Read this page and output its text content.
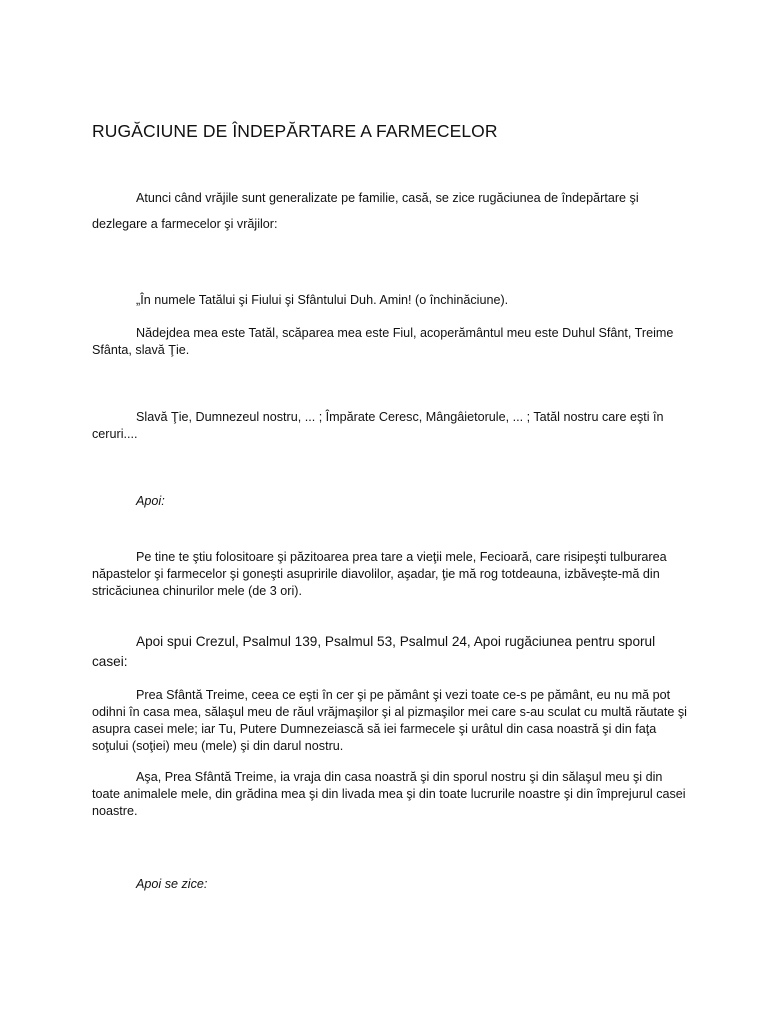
RUGĂCIUNE DE ÎNDEPĂRTARE A FARMECELOR

Atunci când vrăjile sunt generalizate pe familie, casă, se zice rugăciunea de îndepărtare şi dezlegare a farmecelor şi vrăjilor:

„În numele Tatălui şi Fiului şi Sfântului Duh. Amin! (o închinăciune).

Nădejdea mea este Tatăl, scăparea mea este Fiul, acoperământul meu este Duhul Sfânt, Treime Sfânta, slavă Ţie.

Slavă Ţie, Dumnezeul nostru, ... ; Împărate Ceresc, Mângâietorule, ... ; Tatăl nostru care eşti în ceruri....

Apoi:

Pe tine te ştiu folositoare şi păzitoarea prea tare a vieţii mele, Fecioară, care risipeşti tulburarea năpastelor şi farmecelor şi goneşti asupririle diavolilor, aşadar, ţie mă rog totdeauna, izbăveşte-mă din stricăciunea chinurilor mele (de 3 ori).

Apoi spui Crezul, Psalmul 139, Psalmul 53, Psalmul 24, Apoi rugăciunea pentru sporul casei:

Prea Sfântă Treime, ceea ce eşti în cer şi pe pământ şi vezi toate ce-s pe pământ, eu nu mă pot odihni în casa mea, sălaşul meu de răul vrăjmaşilor şi al pizmaşilor mei care s-au sculat cu multă răutate şi asupra casei mele; iar Tu, Putere Dumnezeiască să iei farmecele şi urâtul din casa noastră şi din faţa soţului (soţiei) meu (mele) şi din darul nostru.

Aşa, Prea Sfântă Treime, ia vraja din casa noastră şi din sporul nostru şi din sălaşul meu şi din toate animalele mele, din grădina mea şi din livada mea şi din toate lucrurile noastre şi din împrejurul casei noastre.

Apoi se zice:
